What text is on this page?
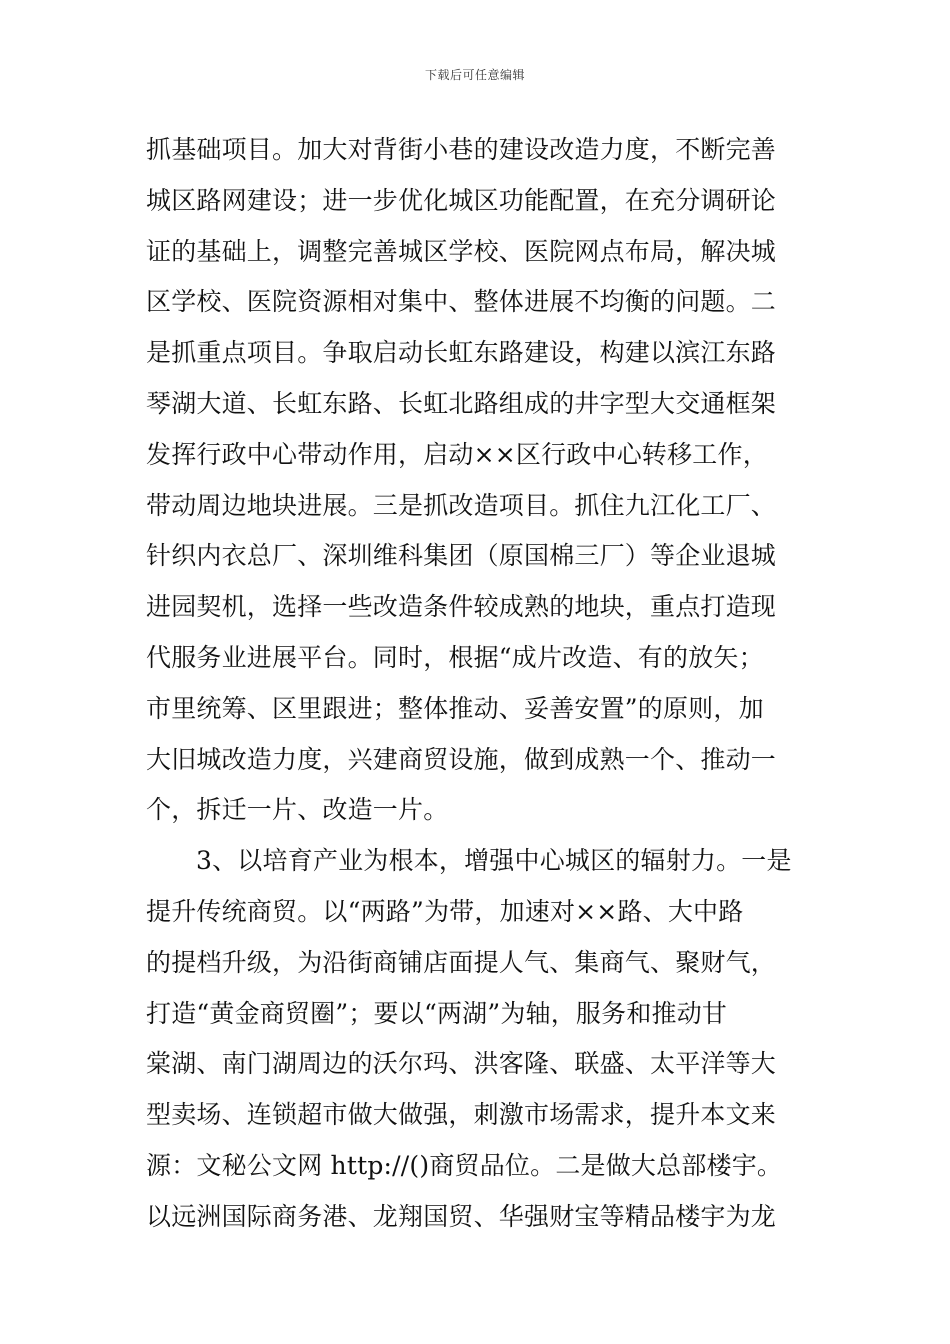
下载后可任意编辑
抓基础项目。加大对背街小巷的建设改造力度，不断完善
城区路网建设；进一步优化城区功能配置，在充分调研论
证的基础上，调整完善城区学校、医院网点布局，解决城
区学校、医院资源相对集中、整体进展不均衡的问题。二
是抓重点项目。争取启动长虹东路建设，构建以滨江东路
琴湖大道、长虹东路、长虹北路组成的井字型大交通框架
发挥行政中心带动作用，启动××区行政中心转移工作，
带动周边地块进展。三是抓改造项目。抓住九江化工厂、
针织内衣总厂、深圳维科集团（原国棉三厂）等企业退城
进园契机，选择一些改造条件较成熟的地块，重点打造现
代服务业进展平台。同时，根据“成片改造、有的放矢；
市里统筹、区里跟进；整体推动、妥善安置”的原则，加
大旧城改造力度，兴建商贸设施，做到成熟一个、推动一
个，拆迁一片、改造一片。
3、以培育产业为根本，增强中心城区的辐射力。一是
提升传统商贸。以“两路”为带，加速对××路、大中路
的提档升级，为沿街商铺店面提人气、集商气、聚财气，
打造“黄金商贸圈”；要以“两湖”为轴，服务和推动甘
棠湖、南门湖周边的沃尔玛、洪客隆、联盛、太平洋等大
型卖场、连锁超市做大做强，刺激市场需求，提升本文来
源：文秘公文网 http://()商贸品位。二是做大总部楼宇。
以远洲国际商务港、龙翔国贸、华强财宝等精品楼宇为龙
